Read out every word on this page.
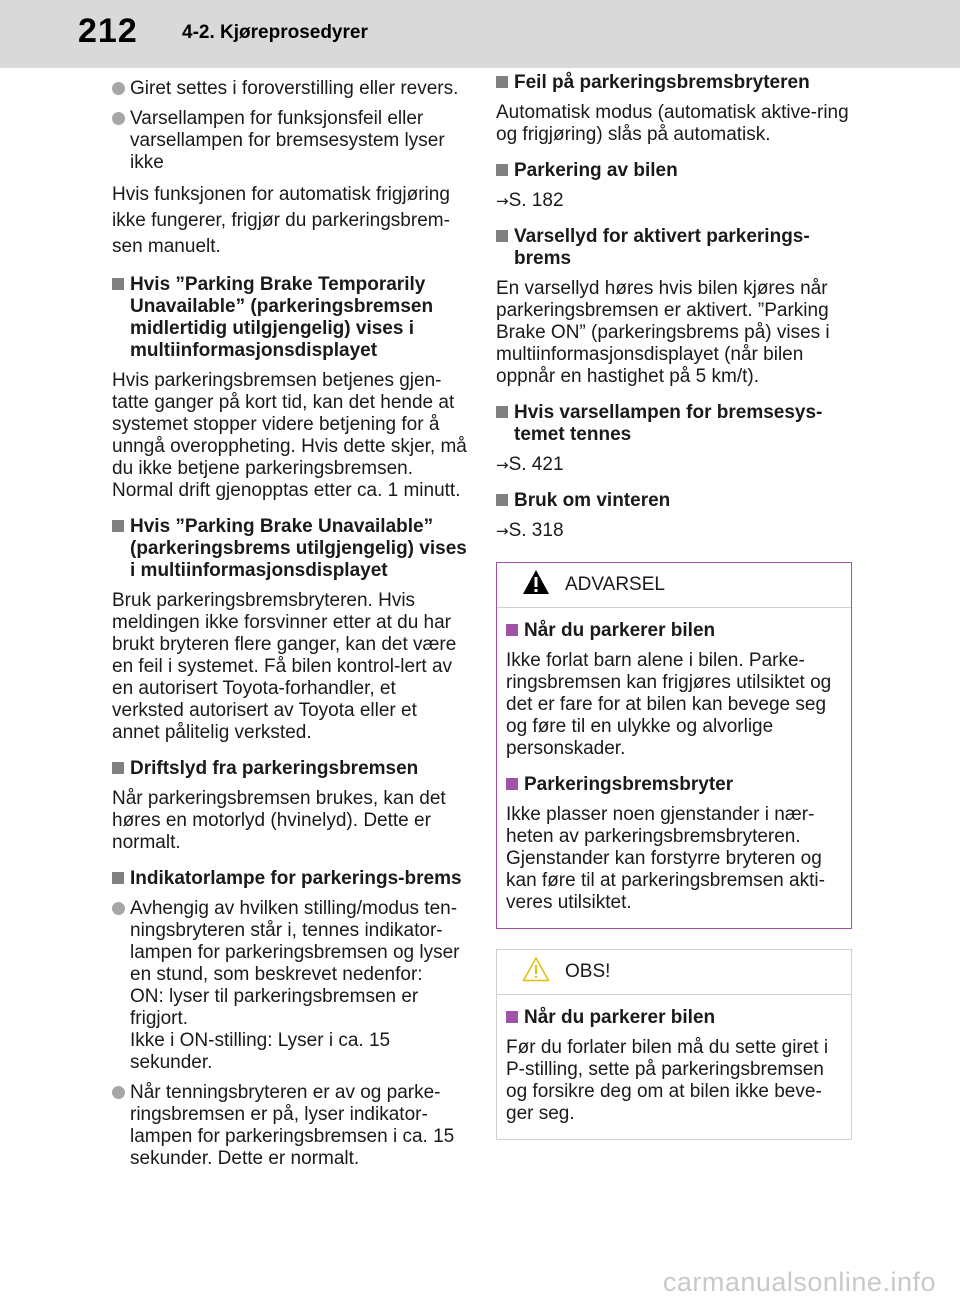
212 4-2. Kjøreprosedyrer
Giret settes i foroverstilling eller revers.
Varsellampen for funksjonsfeil eller varsellampen for bremsesystem lyser ikke
Hvis funksjonen for automatisk frigjøring ikke fungerer, frigjør du parkeringsbrem-sen manuelt.
Hvis ”Parking Brake Temporarily Unavailable” (parkeringsbremsen midlertidig utilgjengelig) vises i multiinformasjonsdisplayet
Hvis parkeringsbremsen betjenes gjen-tatte ganger på kort tid, kan det hende at systemet stopper videre betjening for å unngå overoppheting. Hvis dette skjer, må du ikke betjene parkeringsbremsen. Normal drift gjenopptas etter ca. 1 minutt.
Hvis ”Parking Brake Unavailable” (parkeringsbrems utilgjengelig) vises i multiinformasjonsdisplayet
Bruk parkeringsbremsbryteren. Hvis meldingen ikke forsvinner etter at du har brukt bryteren flere ganger, kan det være en feil i systemet. Få bilen kontrol-lert av en autorisert Toyota-forhandler, et verksted autorisert av Toyota eller et annet pålitelig verksted.
Driftslyd fra parkeringsbremsen
Når parkeringsbremsen brukes, kan det høres en motorlyd (hvinelyd). Dette er normalt.
Indikatorlampe for parkerings-brems
Avhengig av hvilken stilling/modus ten-ningsbryteren står i, tennes indikator-lampen for parkeringsbremsen og lyser en stund, som beskrevet nedenfor:
ON: lyser til parkeringsbremsen er frigjort.
Ikke i ON-stilling: Lyser i ca. 15 sekunder.
Når tenningsbryteren er av og parke-ringsbremsen er på, lyser indikator-lampen for parkeringsbremsen i ca. 15 sekunder. Dette er normalt.
Feil på parkeringsbremsbryteren
Automatisk modus (automatisk aktive-ring og frigjøring) slås på automatisk.
Parkering av bilen
→S. 182
Varsellyd for aktivert parkerings-brems
En varsellyd høres hvis bilen kjøres når parkeringsbremsen er aktivert. ”Parking Brake ON” (parkeringsbrems på) vises i multiinformasjonsdisplayet (når bilen oppnår en hastighet på 5 km/t).
Hvis varsellampen for bremsesys-temet tennes
→S. 421
Bruk om vinteren
→S. 318
ADVARSEL
Når du parkerer bilen
Ikke forlat barn alene i bilen. Parke-ringsbremsen kan frigjøres utilsiktet og det er fare for at bilen kan bevege seg og føre til en ulykke og alvorlige personskader.
Parkeringsbremsbryter
Ikke plasser noen gjenstander i nær-heten av parkeringsbremsbryteren. Gjenstander kan forstyrre bryteren og kan føre til at parkeringsbremsen akti-veres utilsiktet.
OBS!
Når du parkerer bilen
Før du forlater bilen må du sette giret i P-stilling, sette på parkeringsbremsen og forsikre deg om at bilen ikke beve-ger seg.
carmanualsonline.info
